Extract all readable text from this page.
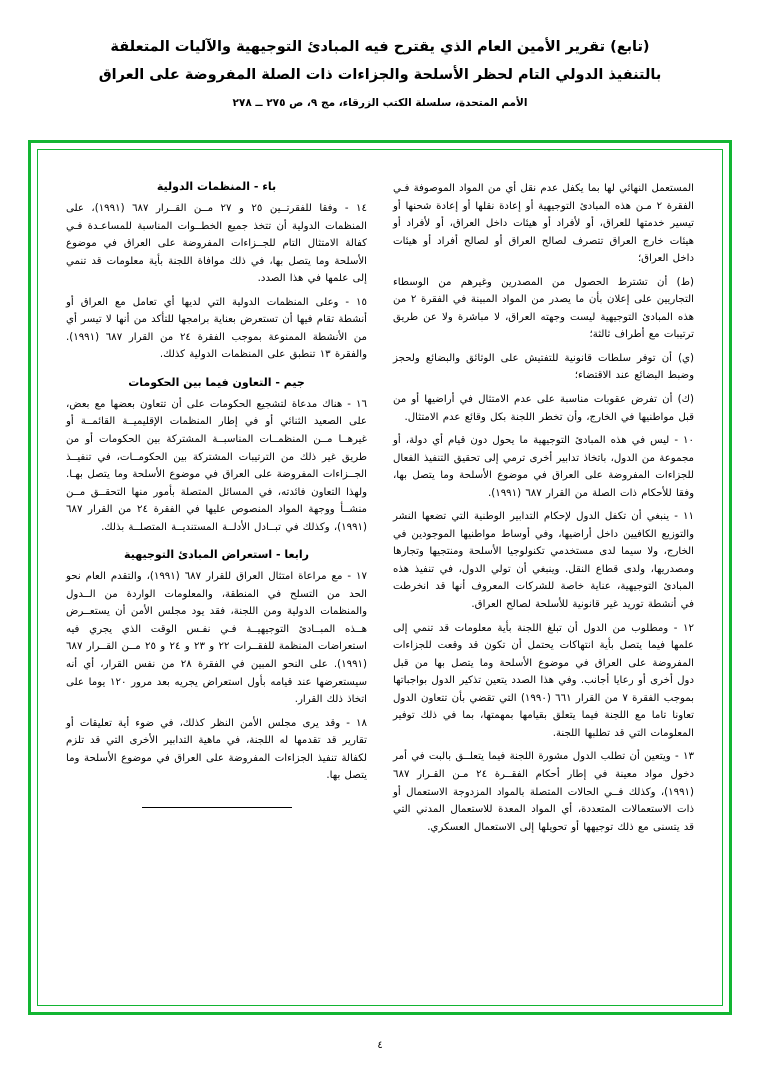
(تابع) تقرير الأمين العام الذي يقترح فيه المبادئ التوجيهية والآليات المتعلقة
بالتنفيذ الدولي التام لحظر الأسلحة والجزاءات ذات الصلة المفروضة على العراق
الأمم المتحدة، سلسلة الكتب الزرقاء، مج ٩، ص ٢٧٥ ــ ٢٧٨

المستعمل النهائي لها بما يكفل عدم نقل أي من المواد الموصوفة فـي الفقرة ٢ مـن هذه المبادئ التوجيهية أو إعادة نقلها أو إعادة شحنها أو تيسير خدمتها للعراق، أو لأفراد أو هيئات داخل العراق، أو لأفراد أو هيئات خارج العراق تتصرف لصالح العراق أو لصالح أفراد أو هيئات داخل العراق؛

(ط) أن تشترط الحصول من المصدرين وغيرهم من الوسطاء التجاريين على إعلان بأن ما يصدر من المواد المبينة في الفقرة ٢ من هذه المبادئ التوجيهية ليست وجهته العراق، لا مباشرة ولا عن طريق ترتيبات مع أطراف ثالثة؛

(ي) أن توفر سلطات قانونية للتفتيش على الوثائق والبضائع ولحجز وضبط البضائع عند الاقتضاء؛

(ك) أن تفرض عقوبات مناسبة على عدم الامتثال في أراضيها أو من قبل مواطنيها في الخارج، وأن تخطر اللجنة بكل وقائع عدم الامتثال.

١٠ - ليس في هذه المبادئ التوجيهية ما يحول دون قيام أي دولة، أو مجموعة من الدول، باتخاذ تدابير أخرى ترمي إلى تحقيق التنفيذ الفعال للجزاءات المفروضة على العراق في موضوع الأسلحة وما يتصل بها، وفقا للأحكام ذات الصلة من القرار ٦٨٧ (١٩٩١).

١١ - ينبغي أن تكفل الدول لإحكام التدابير الوطنية التي تضعها النشر والتوزيع الكافيين داخل أراضيها، وفي أوساط مواطنيها الموجودين في الخارج، ولا سيما لدى مستخدمي تكنولوجيا الأسلحة ومنتجيها وتجارها ومصدريها، ولدى قطاع النقل. وينبغي أن تولي الدول، في تنفيذ هذه المبادئ التوجيهية، عناية خاصة للشركات المعروف أنها قد انخرطت في أنشطة توريد غير قانونية للأسلحة لصالح العراق.

١٢ - ومطلوب من الدول أن تبلغ اللجنة بأية معلومات قد تنمي إلى علمها فيما يتصل بأية انتهاكات يحتمل أن تكون قد وقعت للجزاءات المفروضة على العراق في موضوع الأسلحة وما يتصل بها من قبل دول أخرى أو رعايا أجانب. وفي هذا الصدد يتعين تذكير الدول بواجباتها بموجب الفقرة ٧ من القرار ٦٦١ (١٩٩٠) التي تقضي بأن تتعاون الدول تعاونا تاما مع اللجنة فيما يتعلق بقيامها بمهمتها، بما في ذلك توفير المعلومات التي قد تطلبها اللجنة.

١٣ - ويتعين أن تطلب الدول مشورة اللجنة فيما يتعلــق بالبت في أمر دخول مواد معينة في إطار أحكام الفقــرة ٢٤ مـن القـرار ٦٨٧ (١٩٩١)، وكذلك فــي الحالات المتصلة بالمواد المزدوجة الاستعمال أو ذات الاستعمالات المتعددة، أي المواد المعدة للاستعمال المدني التي قد يتسنى مع ذلك توجيهها أو تحويلها إلى الاستعمال العسكري.

باء - المنظمات الدولية

١٤ - وفقا للفقرتــين ٢٥ و ٢٧ مــن القــرار ٦٨٧ (١٩٩١)، على المنظمات الدولية أن تتخذ جميع الخطــوات المناسبة للمساعـدة فـي كفالة الامتثال التام للجــزاءات المفروضة على العراق في موضوع الأسلحة وما يتصل بها، في ذلك موافاة اللجنة بأية معلومات قد تنمي إلى علمها في هذا الصدد.

١٥ - وعلى المنظمات الدولية التي لديها أي تعامل مع العراق أو أنشطة تقام فيها أن تستعرض بعناية برامجها للتأكد من أنها لا تيسر أي من الأنشطة الممنوعة بموجب الفقرة ٢٤ من القرار ٦٨٧ (١٩٩١). والفقرة ١٣ تنطبق على المنظمات الدولية كذلك.

جيم - التعاون فيما بين الحكومات

١٦ - هناك مدعاة لتشجيع الحكومات على أن تتعاون بعضها مع بعض، على الصعيد الثنائي أو في إطار المنظمات الإقليميــة القائمــة أو غيرهــا مــن المنظمــات المناسبــة المشتركة بين الحكومات أو من طريق غير ذلك من الترتيبات المشتركة بين الحكومــات، في تنفيــذ الجــزاءات المفروضة على العراق في موضوع الأسلحة وما يتصل بهـا. ولهذا التعاون فائدته، في المسائل المتصلة بأمور منها التحقــق مــن منشــأ ووجهة المواد المنصوص عليها في الفقرة ٢٤ من القرار ٦٨٧ (١٩٩١)، وكذلك في تبــادل الأدلــة المستنديــة المتصلــة بذلك.

رابعا - استعراض المبادئ التوجيهية

١٧ - مع مراعاة امتثال العراق للقرار ٦٨٧ (١٩٩١)، والتقدم العام نحو الحد من التسلح في المنطقة، والمعلومات الواردة من الــدول والمنظمات الدولية ومن اللجنة، فقد يود مجلس الأمن أن يستعــرض هــذه المبــادئ التوجيهيــة فـي نفـس الوقت الذي يجري فيه استعراضات المنظمة للفقــرات ٢٢ و ٢٣ و ٢٤ و ٢٥ مــن القــرار ٦٨٧ (١٩٩١). على النحو المبين في الفقرة ٢٨ من نفس القرار، أي أنه سيستعرضها عند قيامه بأول استعراض يجريه بعد مرور ١٢٠ يوما على اتخاذ ذلك القرار.

١٨ - وقد يرى مجلس الأمن النظر كذلك، في ضوء أية تعليقات أو تقارير قد تقدمها له اللجنة، في ماهية التدابير الأخرى التي قد تلزم لكفالة تنفيذ الجزاءات المفروضة على العراق في موضوع الأسلحة وما يتصل بها.

٤
